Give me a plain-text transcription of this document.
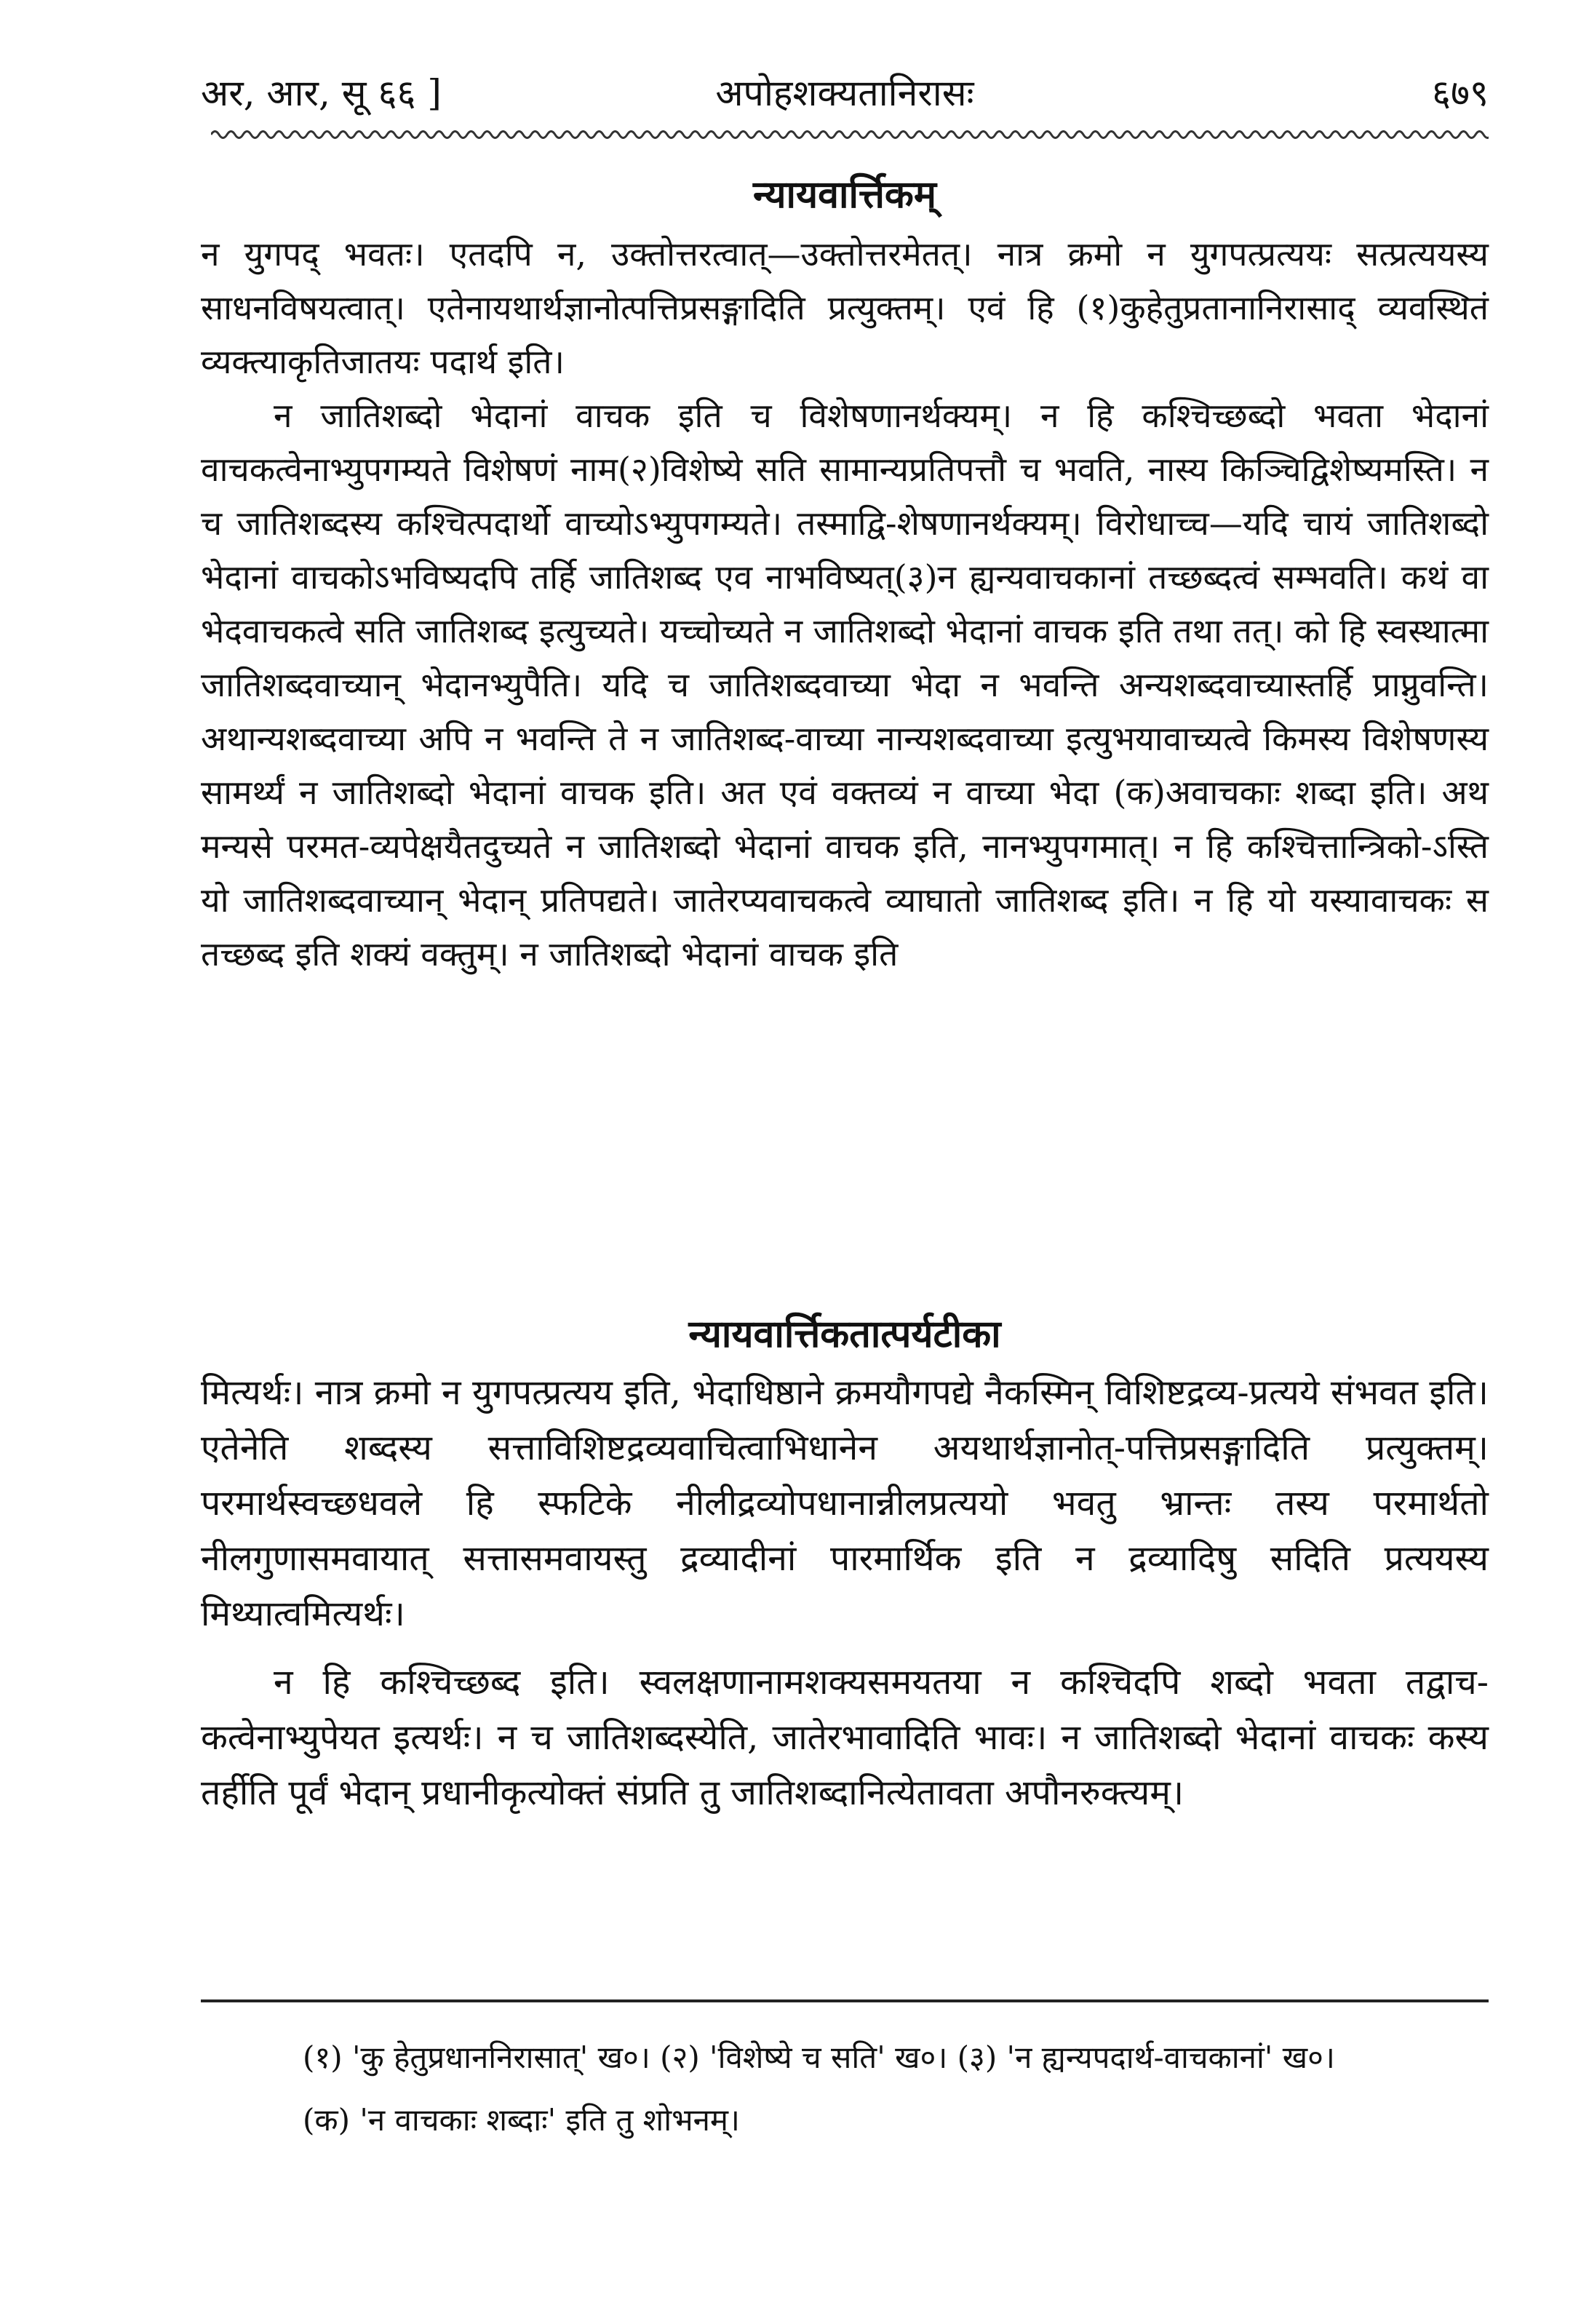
अपोहशक्यतानिरासः
अर, आर, सू ६६ ]	६७९
न्यायवार्त्तिकम्

न युगपद् भवतः। एतदपि न, उक्तोत्तरत्वात्—उक्तोत्तरमेतत्। नात्र क्रमो न युगपत्प्रत्ययः सत्प्रत्ययस्य साधनविषयत्वात्। एतेनायथार्थज्ञानोत्पत्तिप्रसङ्गादिति प्रत्युक्तम्। एवं हि (१)कुहेतुप्रतानानिरासाद् व्यवस्थितं व्यक्त्याकृतिजातयः पदार्थ इति।

न जातिशब्दो भेदानां वाचक इति च विशेषणानर्थक्यम्। न हि कश्चिच्छब्दो भवता भेदानां वाचकत्वेनाभ्युपगम्यते विशेषणं नाम(२)विशेष्ये सति सामान्यप्रतिपत्तौ च भवति, नास्य किञ्चिद्विशेष्यमस्ति। न च जातिशब्दस्य कश्चित्पदार्थो वाच्योऽभ्युपगम्यते। तस्माद्वि-शेषणानर्थक्यम्। विरोधाच्च—यदि चायं जातिशब्दो भेदानां वाचकोऽभविष्यदपि तर्हि जातिशब्द एव नाभविष्यत्(३)न ह्यन्यवाचकानां तच्छब्दत्वं सम्भवति। कथं वा भेदवाचकत्वे सति जातिशब्द इत्युच्यते। यच्चोच्यते न जातिशब्दो भेदानां वाचक इति तथा तत्। को हि स्वस्थात्मा जातिशब्दवाच्यान् भेदानभ्युपैति। यदि च जातिशब्दवाच्या भेदा न भवन्ति अन्यशब्दवाच्यास्तर्हि प्राप्नुवन्ति। अथान्यशब्दवाच्या अपि न भवन्ति ते न जातिशब्द-वाच्या नान्यशब्दवाच्या इत्युभयावाच्यत्वे किमस्य विशेषणस्य सामर्थ्यं न जातिशब्दो भेदानां वाचक इति। अत एवं वक्तव्यं न वाच्या भेदा (क)अवाचकाः शब्दा इति। अथ मन्यसे परमत-व्यपेक्षयैतदुच्यते न जातिशब्दो भेदानां वाचक इति, नानभ्युपगमात्। न हि कश्चित्तान्त्रिको-ऽस्ति यो जातिशब्दवाच्यान् भेदान् प्रतिपद्यते। जातेरप्यवाचकत्वे व्याघातो जातिशब्द इति। न हि यो यस्यावाचकः स तच्छब्द इति शक्यं वक्तुम्। न जातिशब्दो भेदानां वाचक इति

न्यायवार्त्तिकतात्पर्यटीका

मित्यर्थः। नात्र क्रमो न युगपत्प्रत्यय इति, भेदाधिष्ठाने क्रमयौगपद्ये नैकस्मिन् विशिष्टद्रव्य-प्रत्यये संभवत इति। एतेनेति शब्दस्य सत्ताविशिष्टद्रव्यवाचित्वाभिधानेन अयथार्थज्ञानोत्-पत्तिप्रसङ्गादिति प्रत्युक्तम्। परमार्थस्वच्छधवले हि स्फटिके नीलीद्रव्योपधानान्नीलप्रत्ययो भवतु भ्रान्तः तस्य परमार्थतो नीलगुणासमवायात् सत्तासमवायस्तु द्रव्यादीनां पारमार्थिक इति न द्रव्यादिषु सदिति प्रत्ययस्य मिथ्यात्वमित्यर्थः।

न हि कश्चिच्छब्द इति। स्वलक्षणानामशक्यसमयतया न कश्चिदपि शब्दो भवता तद्वाच-कत्वेनाभ्युपेयत इत्यर्थः। न च जातिशब्दस्येति, जातेरभावादिति भावः। न जातिशब्दो भेदानां वाचकः कस्य तर्हीति पूर्वं भेदान् प्रधानीकृत्योक्तं संप्रति तु जातिशब्दानित्येतावता अपौनरुक्त्यम्।

(१) 'कु हेतुप्रधाननिरासात्' ख०। (२) 'विशेष्ये च सति' ख०। (३) 'न ह्यन्यपदार्थ-वाचकानां' ख०।

(क) 'न वाचकाः शब्दाः' इति तु शोभनम्।
